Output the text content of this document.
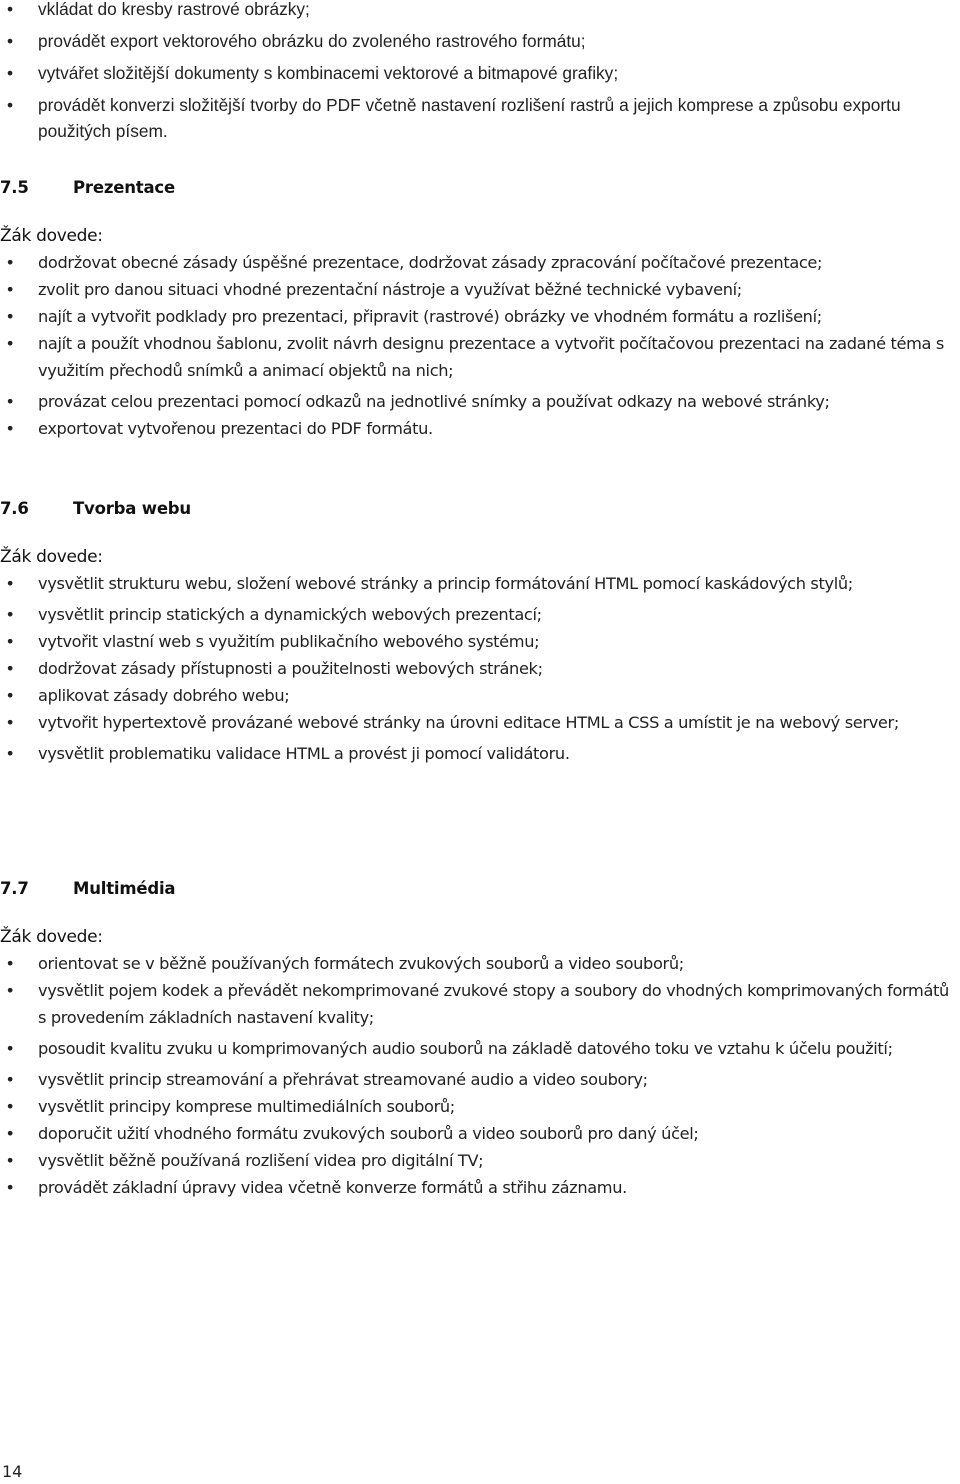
• vkládat do kresby rastrové obrázky;
• provádět export vektorového obrázku do zvoleného rastrového formátu;
• vytvářet složitější dokumenty s kombinacemi vektorové a bitmapové grafiky;
• provádět konverzi složitější tvorby do PDF včetně nastavení rozlišení rastrů a jejich komprese a způsobu exportu použitých písem.
7.5	Prezentace
Žák dovede:
• dodržovat obecné zásady úspěšné prezentace, dodržovat zásady zpracování počítačové prezentace;
• zvolit pro danou situaci vhodné prezentační nástroje a využívat běžné technické vybavení;
• najít a vytvořit podklady pro prezentaci, připravit (rastrové) obrázky ve vhodném formátu a rozlišení;
• najít a použít vhodnou šablonu, zvolit návrh designu prezentace a vytvořit počítačovou prezentaci na zadané téma s využitím přechodů snímků a animací objektů na nich;
• provázat celou prezentaci pomocí odkazů na jednotlivé snímky a používat odkazy na webové stránky;
• exportovat vytvořenou prezentaci do PDF formátu.
7.6	Tvorba webu
Žák dovede:
• vysvětlit strukturu webu, složení webové stránky a princip formátování HTML pomocí kaskádových stylů;
• vysvětlit princip statických a dynamických webových prezentací;
• vytvořit vlastní web s využitím publikačního webového systému;
• dodržovat zásady přístupnosti a použitelnosti webových stránek;
• aplikovat zásady dobrého webu;
• vytvořit hypertextově provázané webové stránky na úrovni editace HTML a CSS a umístit je na webový server;
• vysvětlit problematiku validace HTML a provést ji pomocí validátoru.
7.7	Multimédia
Žák dovede:
• orientovat se v běžně používaných formátech zvukových souborů a video souborů;
• vysvětlit pojem kodek a převádět nekomprimované zvukové stopy a soubory do vhodných komprimovaných formátů s provedením základních nastavení kvality;
• posoudit kvalitu zvuku u komprimovaných audio souborů na základě datového toku ve vztahu k účelu použití;
• vysvětlit princip streamování a přehrávat streamované audio a video soubory;
• vysvětlit principy komprese multimediálních souborů;
• doporučit užití vhodného formátu zvukových souborů a video souborů pro daný účel;
• vysvětlit běžně používaná rozlišení videa pro digitální TV;
• provádět základní úpravy videa včetně konverze formátů a střihu záznamu.
14
